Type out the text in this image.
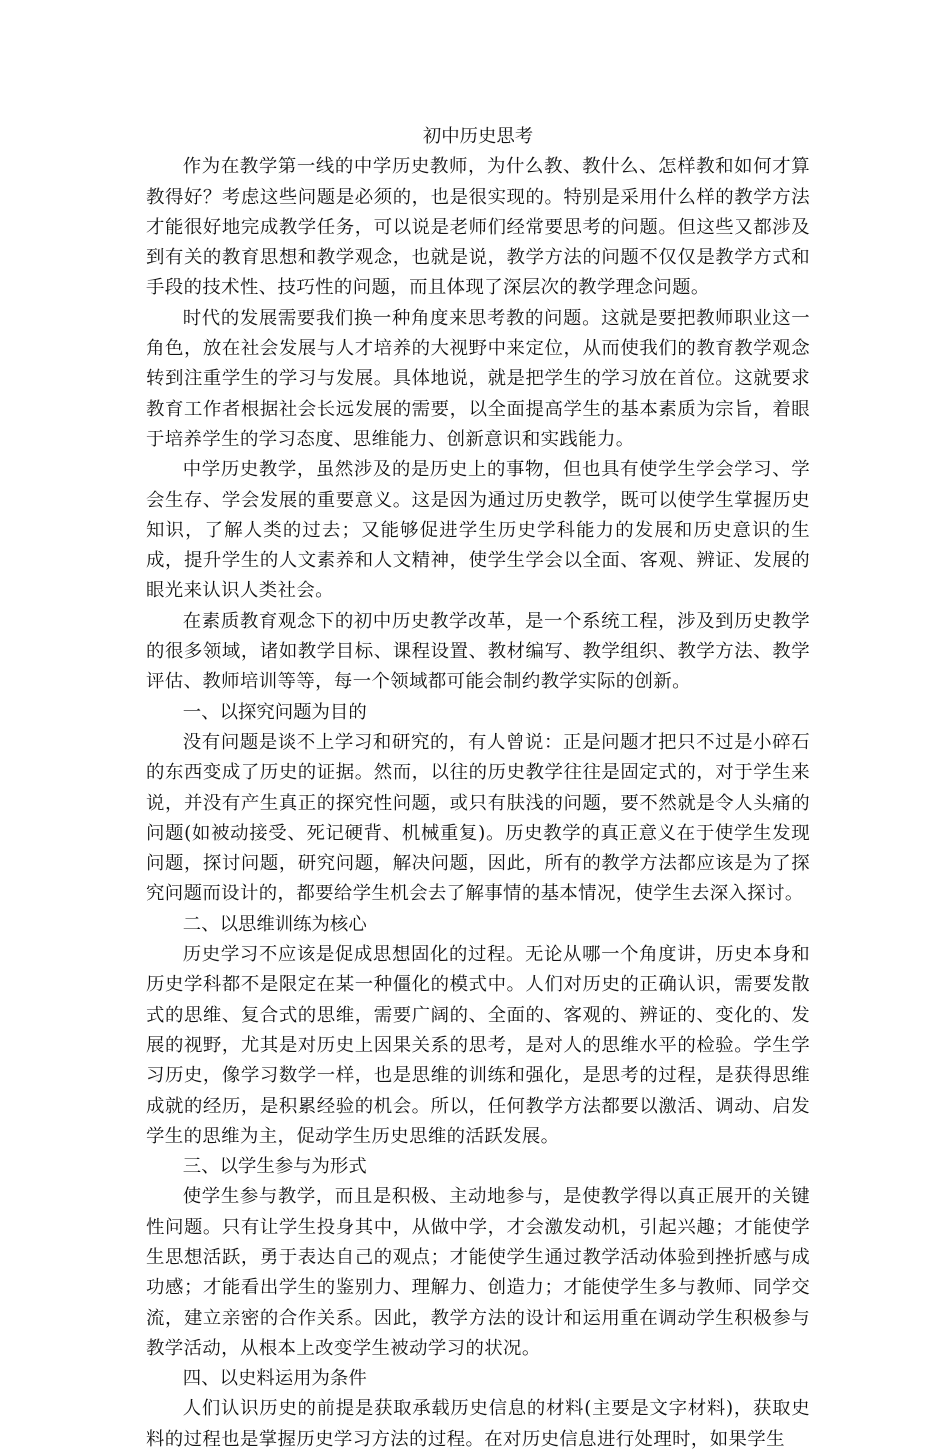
初中历史思考

作为在教学第一线的中学历史教师，为什么教、教什么、怎样教和如何才算教得好？考虑这些问题是必须的，也是很实现的。特别是采用什么样的教学方法才能很好地完成教学任务，可以说是老师们经常要思考的问题。但这些又都涉及到有关的教育思想和教学观念，也就是说，教学方法的问题不仅仅是教学方式和手段的技术性、技巧性的问题，而且体现了深层次的教学理念问题。

时代的发展需要我们换一种角度来思考教的问题。这就是要把教师职业这一角色，放在社会发展与人才培养的大视野中来定位，从而使我们的教育教学观念转到注重学生的学习与发展。具体地说，就是把学生的学习放在首位。这就要求教育工作者根据社会长远发展的需要，以全面提高学生的基本素质为宗旨，着眼于培养学生的学习态度、思维能力、创新意识和实践能力。

中学历史教学，虽然涉及的是历史上的事物，但也具有使学生学会学习、学会生存、学会发展的重要意义。这是因为通过历史教学，既可以使学生掌握历史知识，了解人类的过去；又能够促进学生历史学科能力的发展和历史意识的生成，提升学生的人文素养和人文精神，使学生学会以全面、客观、辨证、发展的眼光来认识人类社会。

在素质教育观念下的初中历史教学改革，是一个系统工程，涉及到历史教学的很多领域，诸如教学目标、课程设置、教材编写、教学组织、教学方法、教学评估、教师培训等等，每一个领域都可能会制约教学实际的创新。

一、以探究问题为目的

没有问题是谈不上学习和研究的，有人曾说：正是问题才把只不过是小碎石的东西变成了历史的证据。然而，以往的历史教学往往是固定式的，对于学生来说，并没有产生真正的探究性问题，或只有肤浅的问题，要不然就是令人头痛的问题(如被动接受、死记硬背、机械重复)。历史教学的真正意义在于使学生发现问题，探讨问题，研究问题，解决问题，因此，所有的教学方法都应该是为了探究问题而设计的，都要给学生机会去了解事情的基本情况，使学生去深入探讨。

二、以思维训练为核心

历史学习不应该是促成思想固化的过程。无论从哪一个角度讲，历史本身和历史学科都不是限定在某一种僵化的模式中。人们对历史的正确认识，需要发散式的思维、复合式的思维，需要广阔的、全面的、客观的、辨证的、变化的、发展的视野，尤其是对历史上因果关系的思考，是对人的思维水平的检验。学生学习历史，像学习数学一样，也是思维的训练和强化，是思考的过程，是获得思维成就的经历，是积累经验的机会。所以，任何教学方法都要以激活、调动、启发学生的思维为主，促动学生历史思维的活跃发展。

三、以学生参与为形式

使学生参与教学，而且是积极、主动地参与，是使教学得以真正展开的关键性问题。只有让学生投身其中，从做中学，才会激发动机，引起兴趣；才能使学生思想活跃，勇于表达自己的观点；才能使学生通过教学活动体验到挫折感与成功感；才能看出学生的鉴别力、理解力、创造力；才能使学生多与教师、同学交流，建立亲密的合作关系。因此，教学方法的设计和运用重在调动学生积极参与教学活动，从根本上改变学生被动学习的状况。

四、以史料运用为条件

人们认识历史的前提是获取承载历史信息的材料(主要是文字材料)，获取史料的过程也是掌握历史学习方法的过程。在对历史信息进行处理时，如果学生
